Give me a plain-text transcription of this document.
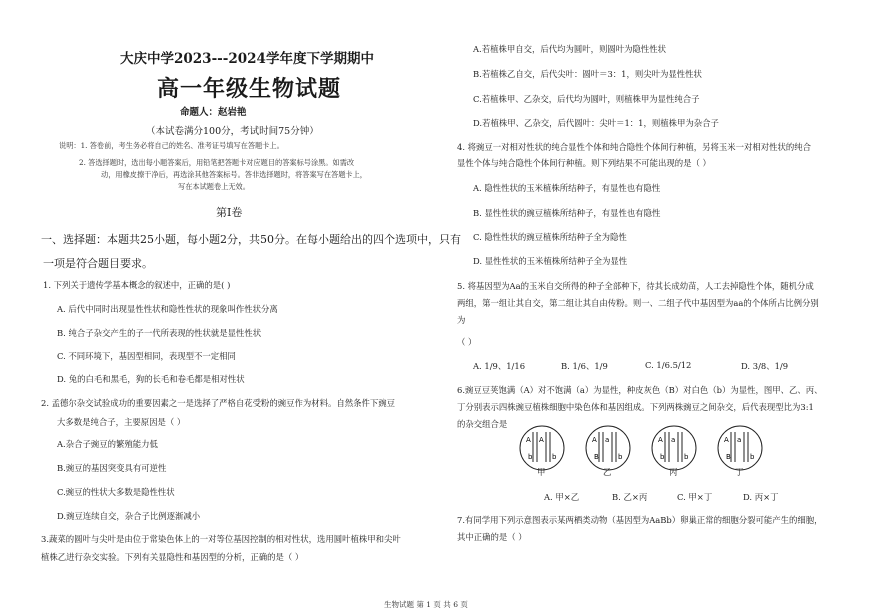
大庆中学2023---2024学年度下学期期中
高一年级生物试题
命题人：赵岩艳
（本试卷满分100分，考试时间75分钟）
说明：1. 答卷前，考生务必将自己的姓名、准考证号填写在答题卡上。
2. 答选择题时，选出每小题答案后，用铅笔把答题卡对应题目的答案标号涂黑。如需改
动，用橡皮擦干净后，再选涂其他答案标号。答非选择题时，将答案写在答题卡上，
写在本试题卷上无效。
第Ⅰ卷
一、选择题：本题共25小题，每小题2分，共50分。在每小题给出的四个选项中，只有
一项是符合题目要求。
1. 下列关于遗传学基本概念的叙述中，正确的是( )
A. 后代中同时出现显性性状和隐性性状的现象叫作性状分离
B. 纯合子杂交产生的子一代所表现的性状就是显性性状
C. 不同环境下，基因型相同，表现型不一定相同
D. 兔的白毛和黑毛，狗的长毛和卷毛都是相对性状
2. 孟德尔杂交试验成功的重要因素之一是选择了严格自花受粉的豌豆作为材料。自然条件下豌豆
大多数是纯合子，主要原因是（ ）
A.杂合子豌豆的繁殖能力低
B.豌豆的基因突变具有可逆性
C.豌豆的性状大多数是隐性性状
D.豌豆连续自交，杂合子比例逐渐减小
3.蔬菜的圆叶与尖叶是由位于常染色体上的一对等位基因控制的相对性状，选用圆叶植株甲和尖叶
植株乙进行杂交实验。下列有关显隐性和基因型的分析，正确的是（ ）
A.若植株甲自交，后代均为圆叶，则圆叶为隐性性状
B.若植株乙自交，后代尖叶：圆叶＝3：1，则尖叶为显性性状
C.若植株甲、乙杂交，后代均为圆叶，则植株甲为显性纯合子
D.若植株甲、乙杂交，后代圆叶：尖叶＝1：1，则植株甲为杂合子
4. 将豌豆一对相对性状的纯合显性个体和纯合隐性个体间行种植，另将玉米一对相对性状的纯合
显性个体与纯合隐性个体间行种植。则下列结果不可能出现的是（ ）
A. 隐性性状的玉米植株所结种子，有显性也有隐性
B. 显性性状的豌豆植株所结种子，有显性也有隐性
C. 隐性性状的豌豆植株所结种子全为隐性
D. 显性性状的玉米植株所结种子全为显性
5. 将基因型为Aa的玉米自交所得的种子全部种下，待其长成幼苗，人工去掉隐性个体，随机分成
两组，第一组让其自交，第二组让其自由传粉。则一、二组子代中基因型为aa的个体所占比例分别
为
（ ）
A. 1/9、1/16	B. 1/6、1/9	C. 1/6.5/12	D. 3/8、1/9
6.豌豆豆荚饱满（A）对不饱满（a）为显性，种皮灰色（B）对白色（b）为显性，图甲、乙、丙、
丁分别表示四株豌豆植株细胞中染色体和基因组成。下列两株豌豆之间杂交，后代表现型比为3:1
的杂交组合是
A A
b	b
A a
B	b
A a
b	b
A a
B	b
甲	乙	丙	丁
A. 甲×乙	B. 乙×丙	C. 甲×丁	D. 丙×丁
7.有同学用下列示意图表示某两栖类动物（基因型为AaBb）卵巢正常的细胞分裂可能产生的细胞，
其中正确的是（ ）
生物试题 第 1 页 共 6 页
